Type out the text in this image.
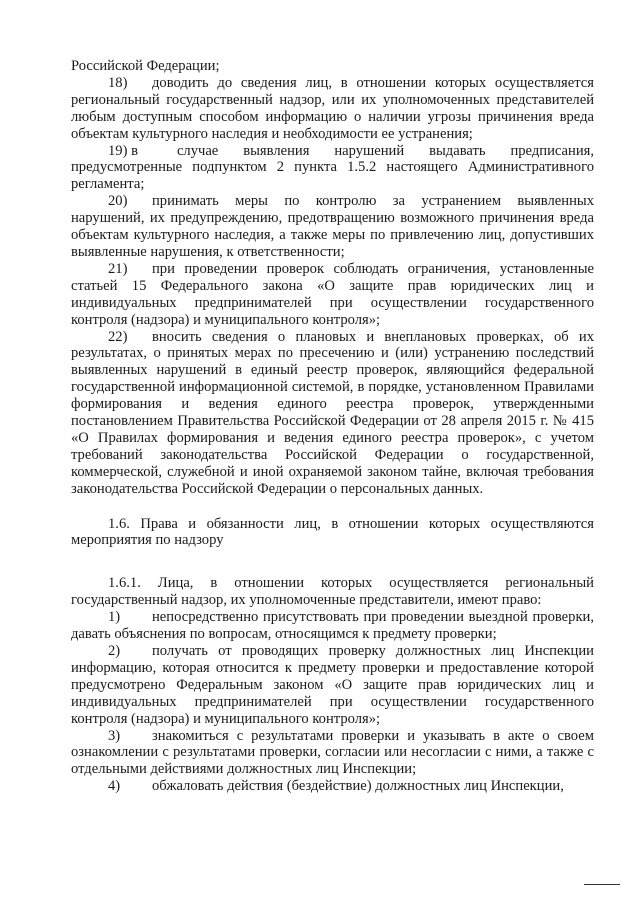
Российской Федерации;

18) доводить до сведения лиц, в отношении которых осуществляется региональный государственный надзор, или их уполномоченных представителей любым доступным способом информацию о наличии угрозы причинения вреда объектам культурного наследия и необходимости ее устранения;

19) в	случае выявления нарушений выдавать предписания, предусмотренные подпунктом 2 пункта 1.5.2 настоящего Административного регламента;

20) принимать меры по контролю за устранением выявленных нарушений, их предупреждению, предотвращению возможного причинения вреда объектам культурного наследия, а также меры по привлечению лиц, допустивших выявленные нарушения, к ответственности;

21) при проведении проверок соблюдать ограничения, установленные статьей 15 Федерального закона «О защите прав юридических лиц и индивидуальных предпринимателей при осуществлении государственного контроля (надзора) и муниципального контроля»;

22) вносить сведения о плановых и внеплановых проверках, об их результатах, о принятых мерах по пресечению и (или) устранению последствий выявленных нарушений в единый реестр проверок, являющийся федеральной государственной информационной системой, в порядке, установленном Правилами формирования и ведения единого реестра проверок, утвержденными постановлением Правительства Российской Федерации от 28 апреля 2015 г. № 415 «О Правилах формирования и ведения единого реестра проверок», с учетом требований законодательства Российской Федерации о государственной, коммерческой, служебной и иной охраняемой законом тайне, включая требования законодательства Российской Федерации о персональных данных.

1.6. Права и обязанности лиц, в отношении которых осуществляются мероприятия по надзору

1.6.1. Лица, в отношении которых осуществляется региональный государственный надзор, их уполномоченные представители, имеют право:

1) непосредственно присутствовать при проведении выездной проверки, давать объяснения по вопросам, относящимся к предмету проверки;

2) получать от проводящих проверку должностных лиц Инспекции информацию, которая относится к предмету проверки и предоставление которой предусмотрено Федеральным законом «О защите прав юридических лиц и индивидуальных предпринимателей при осуществлении государственного контроля (надзора) и муниципального контроля»;

3) знакомиться с результатами проверки и указывать в акте о своем ознакомлении с результатами проверки, согласии или несогласии с ними, а также с отдельными действиями должностных лиц Инспекции;

4) обжаловать действия (бездействие) должностных лиц Инспекции,
